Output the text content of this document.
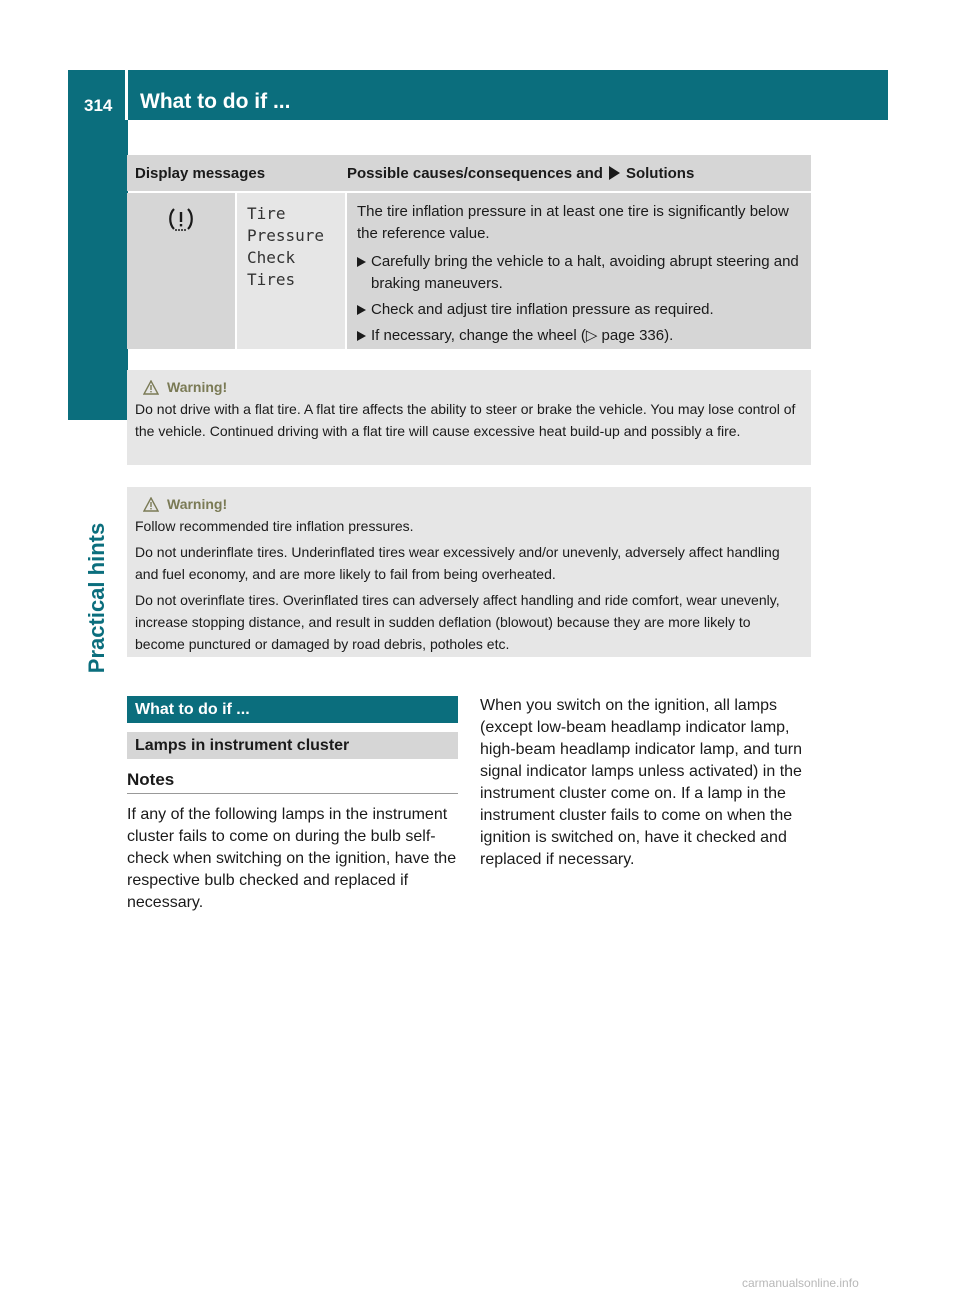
314 What to do if ...
Practical hints
Display messages	Possible causes/consequences and Solutions
Tire
Pressure
Check
Tires

The tire inflation pressure in at least one tire is significantly below the reference value.

Carefully bring the vehicle to a halt, avoiding abrupt steering and braking maneuvers.
Check and adjust tire inflation pressure as required.
If necessary, change the wheel (▷ page 336).
Warning!

Do not drive with a flat tire. A flat tire affects the ability to steer or brake the vehicle. You may lose control of the vehicle. Continued driving with a flat tire will cause excessive heat build-up and possibly a fire.

Warning!

Follow recommended tire inflation pressures.

Do not underinflate tires. Underinflated tires wear excessively and/or unevenly, adversely affect handling and fuel economy, and are more likely to fail from being overheated.

Do not overinflate tires. Overinflated tires can adversely affect handling and ride comfort, wear unevenly, increase stopping distance, and result in sudden deflation (blowout) because they are more likely to become punctured or damaged by road debris, potholes etc.

What to do if ...
Lamps in instrument cluster
Notes

If any of the following lamps in the instrument cluster fails to come on during the bulb self-check when switching on the ignition, have the respective bulb checked and replaced if necessary.

When you switch on the ignition, all lamps (except low-beam headlamp indicator lamp, high-beam headlamp indicator lamp, and turn signal indicator lamps unless activated) in the instrument cluster come on. If a lamp in the instrument cluster fails to come on when the ignition is switched on, have it checked and replaced if necessary.

carmanualsonline.info
